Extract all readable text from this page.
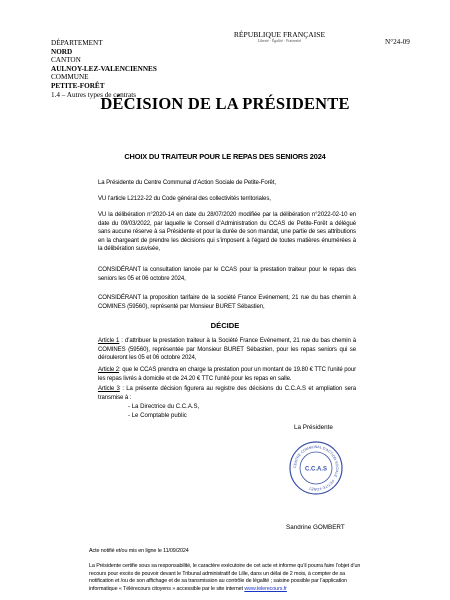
DÉPARTEMENT
NORD
CANTON
AULNOY-LEZ-VALENCIENNES
COMMUNE
PETITE-FORÊT
1.4 – Autres types de contrats
RÉPUBLIQUE FRANÇAISE
Liberté · Égalité · Fraternité	N°24-09
DÉCISION DE LA PRÉSIDENTE
CHOIX DU TRAITEUR POUR LE REPAS DES SENIORS 2024
La Présidente du Centre Communal d’Action Sociale de Petite-Forêt,
VU l’article L2122-22 du Code général des collectivités territoriales,
VU la délibération n°2020-14 en date du 28/07/2020 modifiée par la délibération n°2022-02-10 en date du 09/03/2022, par laquelle le Conseil d’Administration du CCAS de Petite-Forêt a délégué sans aucune réserve à sa Présidente et pour la durée de son mandat, une partie de ses attributions en la chargeant de prendre les décisions qui s’imposent à l’égard de toutes matières énumérées à la délibération susvisée,
CONSIDÉRANT la consultation lancée par le CCAS pour la prestation traiteur pour le repas des seniors les 05 et 06 octobre 2024,
CONSIDÉRANT la proposition tarifaire de la société France Evénement, 21 rue du bas chemin à COMINES (59560), représenté par Monsieur BURET Sébastien,
DÉCIDE
Article 1 : d’attribuer la prestation traiteur à la Société France Evénement, 21 rue du bas chemin à COMINES (59560), représentée par Monsieur BURET Sébastien, pour les repas seniors qui se dérouleront les 05 et 06 octobre 2024,
Article 2: que le CCAS prendra en charge la prestation pour un montant de 19.80 € TTC l’unité pour les repas livrés à domicile et de 24.20 € TTC l’unité pour les repas en salle.
Article 3 : La présente décision figurera au registre des décisions du C.C.A.S et ampliation sera transmise à :
- La Directrice du C.C.A.S,
- Le Comptable public
La Présidente
CENTRE COMMUNAL D'ACTION SOCIALE · PETITE-FORÊT
C.C.A.S
Sandrine GOMBERT
Acte notifié et/ou mis en ligne le 11/09/2024
La Présidente certifie sous sa responsabilité, le caractère exécutoire de cet acte et informe qu’il pourra faire l’objet d’un recours pour excès de pouvoir devant le Tribunal administratif de Lille, dans un délai de 2 mois, à compter de sa notification et /ou de son affichage et de sa transmission au contrôle de légalité ; saisine possible par l’application informatique « Télérecours citoyens » accessible par le site internet www.telerecours.fr
